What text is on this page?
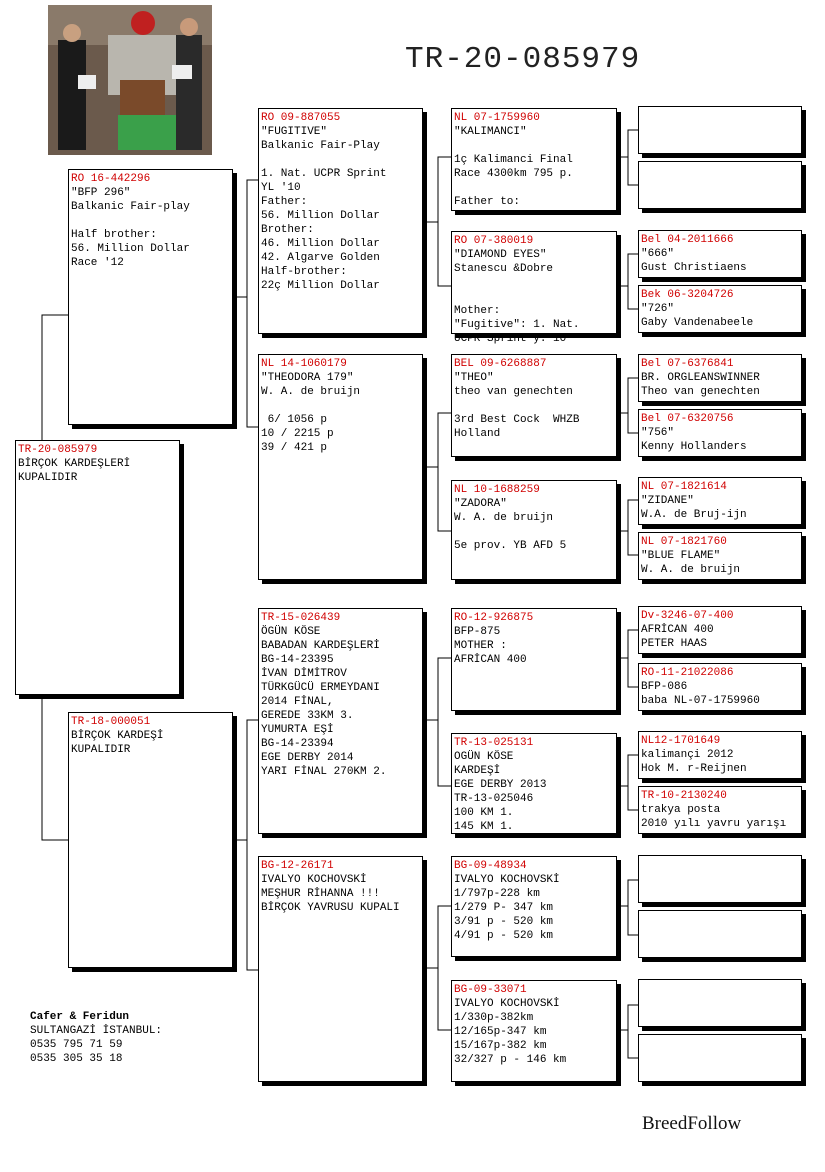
TR-20-085979
TR-20-085979
BİRÇOK KARDEŞLERİ
KUPALIDIR
RO 16-442296
"BFP 296"
Balkanic Fair-play
Half brother:
56. Million Dollar
Race '12
TR-18-000051
BİRÇOK KARDEŞİ
KUPALIDIR
RO 09-887055
"FUGITIVE"
Balkanic Fair-Play
1. Nat. UCPR Sprint
YL '10
Father:
56. Million Dollar
Brother:
46. Million Dollar
42. Algarve Golden
Half-brother:
22ç Million Dollar
NL 14-1060179
"THEODORA 179"
W. A. de bruijn
6/ 1056 p
10 / 2215 p
39 / 421 p
TR-15-026439
ÖGÜN KÖSE
BABADAN KARDEŞLERİ
BG-14-23395
İVAN DİMİTROV
TÜRKGÜCÜ ERMEYDANI
2014 FİNAL,
GEREDE 33KM 3.
YUMURTA EŞİ
BG-14-23394
EGE DERBY 2014
YARI FİNAL 270KM 2.
BG-12-26171
IVALYO KOCHOVSKİ
MEŞHUR RİHANNA !!!
BİRÇOK YAVRUSU KUPALI
NL 07-1759960
"KALIMANCI"
1ç Kalimanci Final
Race 4300km 795 p.
Father to:
RO 07-380019
"DIAMOND EYES"
Stanescu &Dobre
Mother:
"Fugitive": 1. Nat.
UCPR Sprint y.'10
BEL 09-6268887
"THEO"
theo van genechten
3rd Best Cock  WHZB
Holland
NL 10-1688259
"ZADORA"
W. A. de bruijn
5e prov. YB AFD 5
RO-12-926875
BFP-875
MOTHER :
AFRİCAN 400
TR-13-025131
OGÜN KÖSE
KARDEŞİ
EGE DERBY 2013
TR-13-025046
100 KM 1.
145 KM 1.
BG-09-48934
IVALYO KOCHOVSKİ
1/797p-228 km
1/279 P- 347 km
3/91 p - 520 km
4/91 p - 520 km
BG-09-33071
IVALYO KOCHOVSKİ
1/330p-382km
12/165p-347 km
15/167p-382 km
32/327 p - 146 km
Bel 04-2011666
"666"
Gust Christiaens
Bek 06-3204726
"726"
Gaby Vandenabeele
Bel 07-6376841
BR. ORGLEANSWINNER
Theo van genechten
Bel 07-6320756
"756"
Kenny Hollanders
NL 07-1821614
"ZIDANE"
W.A. de Bruj-ijn
NL 07-1821760
"BLUE FLAME"
W. A. de bruijn
Dv-3246-07-400
AFRİCAN 400
PETER HAAS
RO-11-21022086
BFP-086
baba NL-07-1759960
NL12-1701649
kalimançi 2012
Hok M. r-Reijnen
TR-10-2130240
trakya posta
2010 yılı yavru yarışı
Cafer & Feridun
SULTANGAZİ İSTANBUL:
0535 795 71 59
0535 305 35 18
BreedFollow
